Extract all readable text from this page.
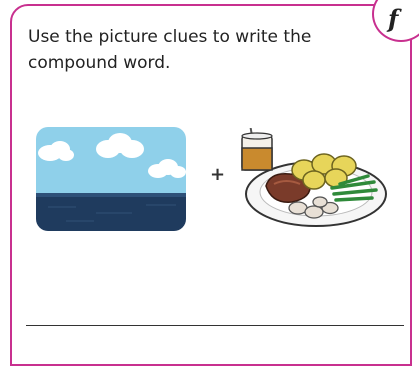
f
Use the picture clues to write the compound word.
+
